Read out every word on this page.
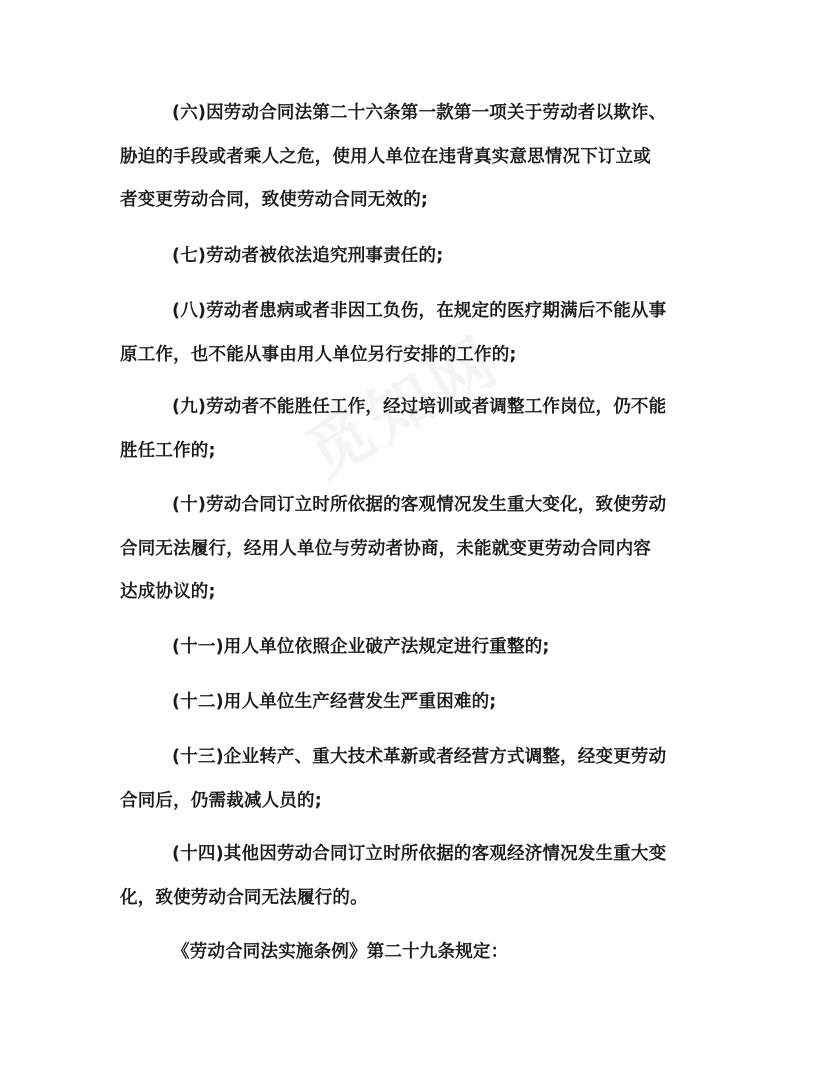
(六)因劳动合同法第二十六条第一款第一项关于劳动者以欺诈、
胁迫的手段或者乘人之危，使用人单位在违背真实意思情况下订立或
者变更劳动合同，致使劳动合同无效的;
(七)劳动者被依法追究刑事责任的;
(八)劳动者患病或者非因工负伤，在规定的医疗期满后不能从事
原工作，也不能从事由用人单位另行安排的工作的;
(九)劳动者不能胜任工作，经过培训或者调整工作岗位，仍不能
胜任工作的;
(十)劳动合同订立时所依据的客观情况发生重大变化，致使劳动
合同无法履行，经用人单位与劳动者协商，未能就变更劳动合同内容
达成协议的;
(十一)用人单位依照企业破产法规定进行重整的;
(十二)用人单位生产经营发生严重困难的;
(十三)企业转产、重大技术革新或者经营方式调整，经变更劳动
合同后，仍需裁减人员的;
(十四)其他因劳动合同订立时所依据的客观经济情况发生重大变
化，致使劳动合同无法履行的。
《劳动合同法实施条例》第二十九条规定：
